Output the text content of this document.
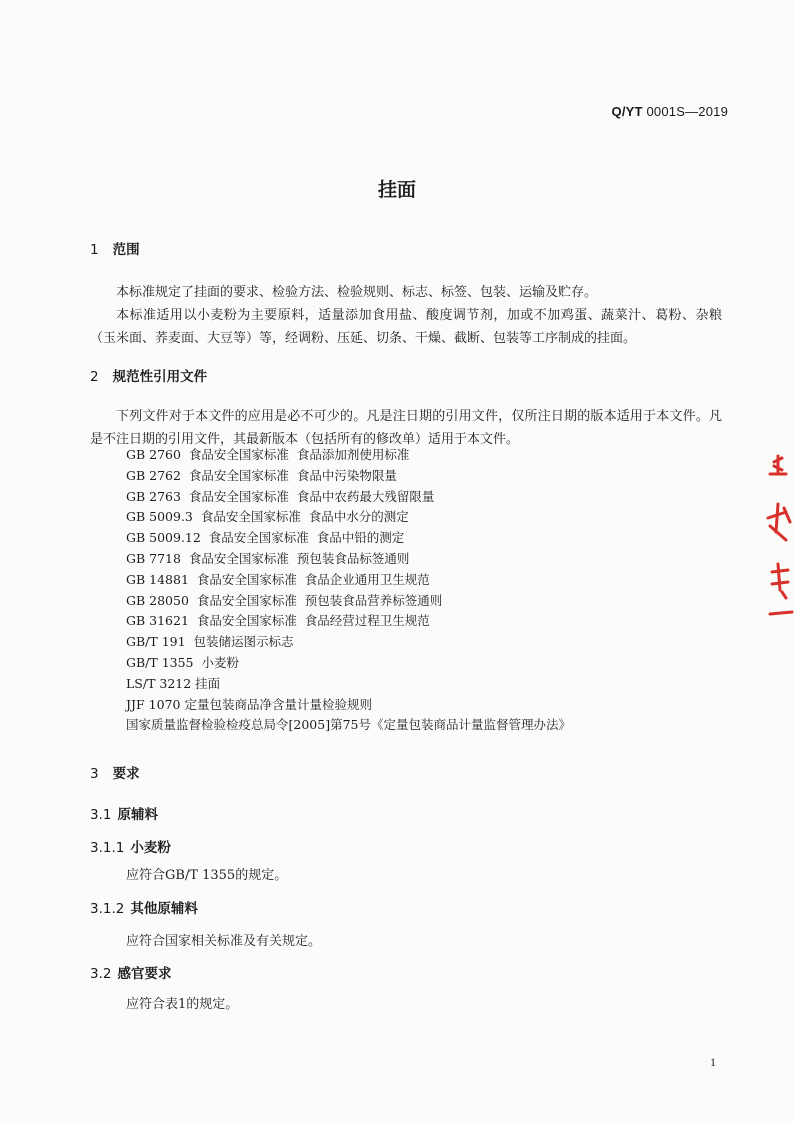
Q/YT 0001S—2019
挂面
1 范围

本标准规定了挂面的要求、检验方法、检验规则、标志、标签、包装、运输及贮存。

本标准适用以小麦粉为主要原料，适量添加食用盐、酸度调节剂，加或不加鸡蛋、蔬菜汁、葛粉、杂粮（玉米面、荞麦面、大豆等）等，经调粉、压延、切条、干燥、截断、包装等工序制成的挂面。

2 规范性引用文件

下列文件对于本文件的应用是必不可少的。凡是注日期的引用文件，仅所注日期的版本适用于本文件。凡是不注日期的引用文件，其最新版本（包括所有的修改单）适用于本文件。

GB 2760  食品安全国家标准  食品添加剂使用标准
GB 2762  食品安全国家标准  食品中污染物限量
GB 2763  食品安全国家标准  食品中农药最大残留限量
GB 5009.3  食品安全国家标准  食品中水分的测定
GB 5009.12  食品安全国家标准  食品中铅的测定
GB 7718  食品安全国家标准  预包装食品标签通则
GB 14881  食品安全国家标准  食品企业通用卫生规范
GB 28050  食品安全国家标准  预包装食品营养标签通则
GB 31621  食品安全国家标准  食品经营过程卫生规范
GB/T 191  包装储运图示标志
GB/T 1355  小麦粉
LS/T 3212 挂面
JJF 1070 定量包装商品净含量计量检验规则
国家质量监督检验检疫总局令[2005]第75号《定量包装商品计量监督管理办法》
3 要求
3.1 原辅料
3.1.1 小麦粉
应符合GB/T 1355的规定。
3.1.2 其他原辅料
应符合国家相关标准及有关规定。
3.2 感官要求
应符合表1的规定。
1
